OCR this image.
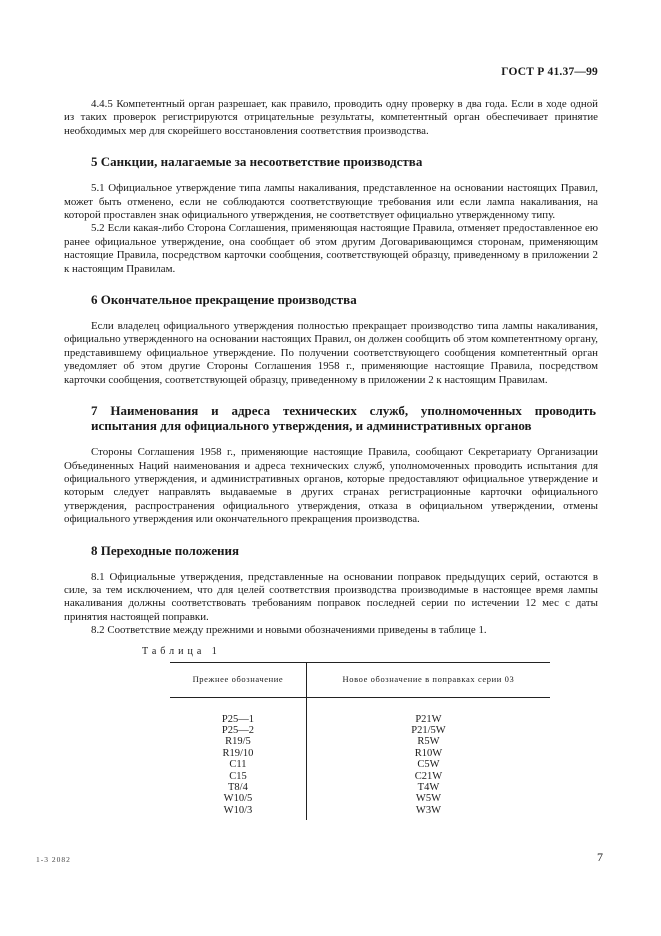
ГОСТ Р 41.37—99

4.4.5 Компетентный орган разрешает, как правило, проводить одну проверку в два года. Если в ходе одной из таких проверок регистрируются отрицательные результаты, компетентный орган обеспечивает принятие необходимых мер для скорейшего восстановления соответствия производства.

5 Санкции, налагаемые за несоответствие производства

5.1 Официальное утверждение типа лампы накаливания, представленное на основании настоящих Правил, может быть отменено, если не соблюдаются соответствующие требования или если лампа накаливания, на которой проставлен знак официального утверждения, не соответствует официально утвержденному типу.

5.2 Если какая-либо Сторона Соглашения, применяющая настоящие Правила, отменяет предоставленное ею ранее официальное утверждение, она сообщает об этом другим Договаривающимся сторонам, применяющим настоящие Правила, посредством карточки сообщения, соответствующей образцу, приведенному в приложении 2 к настоящим Правилам.

6 Окончательное прекращение производства

Если владелец официального утверждения полностью прекращает производство типа лампы накаливания, официально утвержденного на основании настоящих Правил, он должен сообщить об этом компетентному органу, представившему официальное утверждение. По получении соответствующего сообщения компетентный орган уведомляет об этом другие Стороны Соглашения 1958 г., применяющие настоящие Правила, посредством карточки сообщения, соответствующей образцу, приведенному в приложении 2 к настоящим Правилам.

7 Наименования и адреса технических служб, уполномоченных проводить испытания для официального утверждения, и административных органов

Стороны Соглашения 1958 г., применяющие настоящие Правила, сообщают Секретариату Организации Объединенных Наций наименования и адреса технических служб, уполномоченных проводить испытания для официального утверждения, и административных органов, которые предоставляют официальное утверждение и которым следует направлять выдаваемые в других странах регистрационные карточки официального утверждения, распространения официального утверждения, отказа в официальном утверждении, отмены официального утверждения или окончательного прекращения производства.

8 Переходные положения

8.1 Официальные утверждения, представленные на основании поправок предыдущих серий, остаются в силе, за тем исключением, что для целей соответствия производства производимые в настоящее время лампы накаливания должны соответствовать требованиям поправок последней серии по истечении 12 мес с даты принятия настоящей поправки.

8.2 Соответствие между прежними и новыми обозначениями приведены в таблице 1.

Таблица 1
Прежнее обозначение	Новое обозначение в поправках серии 03
P25—1	P21W
P25—2	P21/5W
R19/5	R5W
R19/10	R10W
C11	C5W
C15	C21W
T8/4	T4W
W10/5	W5W
W10/3	W3W
1-3 2082	7
